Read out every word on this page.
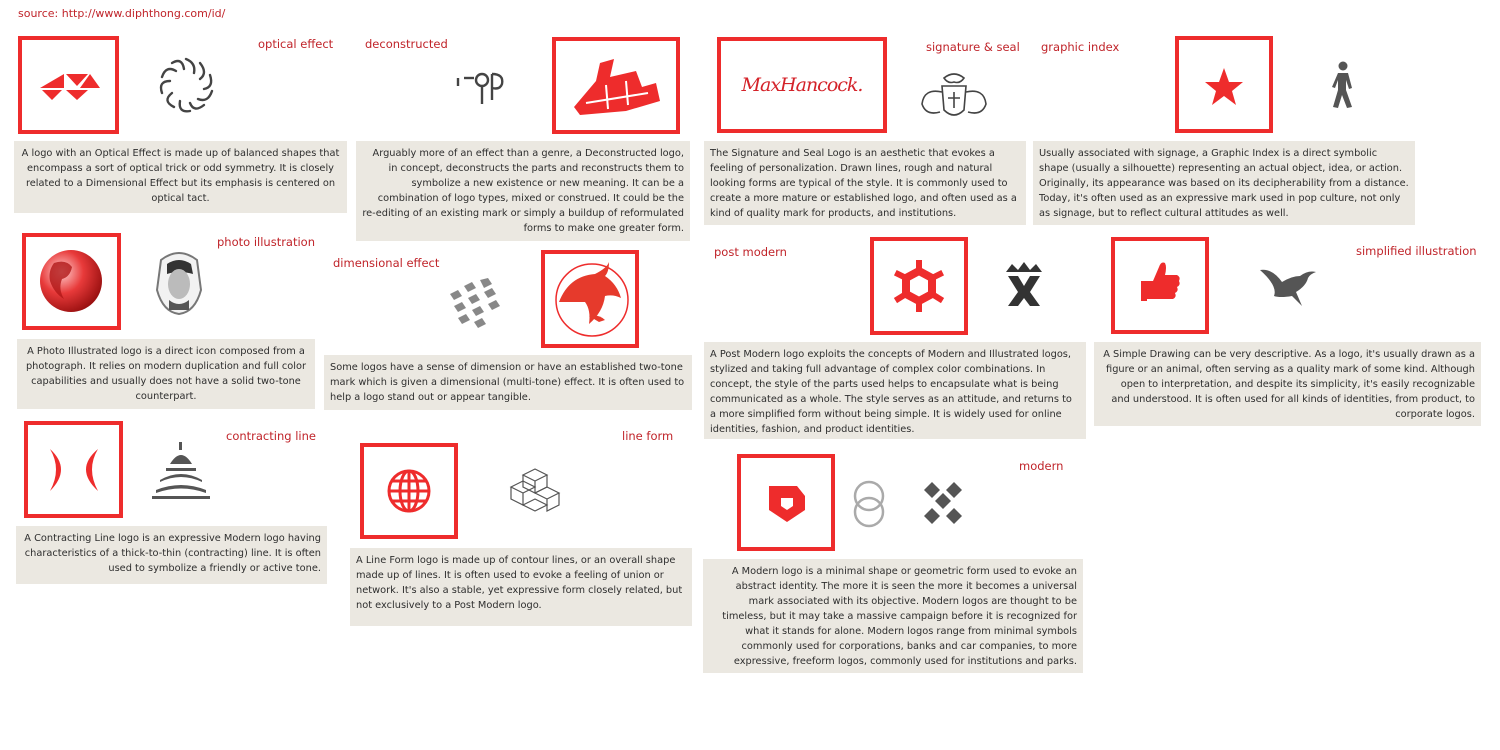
source: http://www.diphthong.com/id/
optical effect
A logo with an Optical Effect is made up of balanced shapes that encompass a sort of optical trick or odd symmetry. It is closely related to a Dimensional Effect but its emphasis is centered on optical tact.
deconstructed
Arguably more of an effect than a genre, a Deconstructed logo, in concept, deconstructs the parts and reconstructs them to symbolize a new existence or new meaning. It can be a combination of logo types, mixed or construed. It could be the re-editing of an existing mark or simply a buildup of reformulated forms to make one greater form.
signature & seal
MaxHancock.
The Signature and Seal Logo is an aesthetic that evokes a feeling of personalization. Drawn lines, rough and natural looking forms are typical of the style. It is commonly used to create a more mature or established logo, and often used as a kind of quality mark for products, and institutions.
graphic index
Usually associated with signage, a Graphic Index is a direct symbolic shape (usually a silhouette) representing an actual object, idea, or action. Originally, its appearance was based on its decipherability from a distance. Today, it's often used as an expressive mark used in pop culture, not only as signage, but to reflect cultural attitudes as well.
photo illustration
A Photo Illustrated logo is a direct icon composed from a photograph. It relies on modern duplication and full color capabilities and usually does not have a solid two-tone counterpart.
dimensional effect
Some logos have a sense of dimension or have an established two-tone mark which is given a dimensional (multi-tone) effect. It is often used to help a logo stand out or appear tangible.
post modern
A Post Modern logo exploits the concepts of Modern and Illustrated logos, stylized and taking full advantage of complex color combinations. In concept, the style of the parts used helps to encapsulate what is being communicated as a whole. The style serves as an attitude, and returns to a more simplified form without being simple. It is widely used for online identities, fashion, and product identities.
simplified illustration
A Simple Drawing can be very descriptive. As a logo, it's usually drawn as a figure or an animal, often serving as a quality mark of some kind. Although open to interpretation, and despite its simplicity, it's easily recognizable and understood. It is often used for all kinds of identities, from product, to corporate logos.
contracting line
A Contracting Line logo is an expressive Modern logo having characteristics of a thick-to-thin (contracting) line. It is often used to symbolize a friendly or active tone.
line form
A Line Form logo is made up of contour lines, or an overall shape made up of lines. It is often used to evoke a feeling of union or network. It's also a stable, yet expressive form closely related, but not exclusively to a Post Modern logo.
modern
A Modern logo is a minimal shape or geometric form used to evoke an abstract identity. The more it is seen the more it becomes a universal mark associated with its objective. Modern logos are thought to be timeless, but it may take a massive campaign before it is recognized for what it stands for alone. Modern logos range from minimal symbols commonly used for corporations, banks and car companies, to more expressive, freeform logos, commonly used for institutions and parks.
